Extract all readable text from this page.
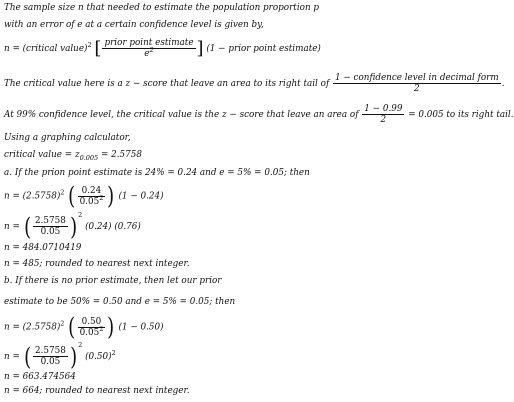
The sample size n that needed to estimate the population proportion p
with an error of e at a certain confidence level is given by,
n = (critical value)$^2$ [ $\frac{\text{prior point estimate}}{e^2}$ ] (1 − prior point estimate)
The critical value here is a z − score that leave an area to its right tail of $\frac{\text{1 − confidence level in decimal form}}{2}$ .
At 99% confidence level, the critical value is the z − score that leave an area of $\frac{1 - 0.99}{2} = 0.005$ to its right tail.
Using a graphing calculator,
critical value = $z_{0.005} = 2.5758$
a. If the prion point estimate is 24% = 0.24 and e = 5% = 0.05; then
$n = (2.5758)^2$ ( $\frac{0.24}{0.05^2}$ ) (1 − 0.24)
n = ( $\frac{2.5758}{0.05} )^2$ (0.24) (0.76)
n = 484.0710419
n = 485; rounded to nearest next integer.
b. If there is no prior estimate, then let our prior
estimate to be 50% = 0.50 and e = 5% = 0.05; then
$n = (2.5758)^2$ ( $\frac{0.50}{0.05^2}$ ) (1 − 0.50)
n = ( $\frac{2.5758}{0.05} )^2$ $(0.50)^2$
n = 663.474564
n = 664; rounded to nearest next integer.
